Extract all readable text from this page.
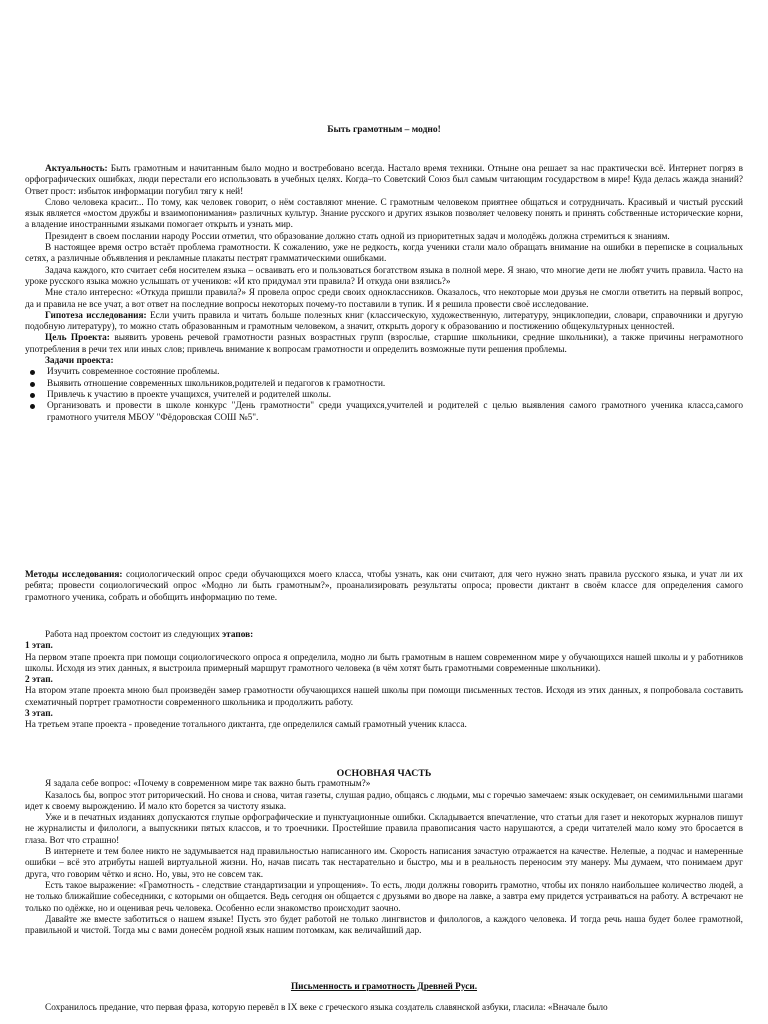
Быть грамотным – модно!

Актуальность: Быть грамотным и начитанным было модно и востребовано всегда. Настало время техники. Отныне она решает за нас практически всё. Интернет погряз в орфографических ошибках, люди перестали его использовать в учебных целях. Когда–то Советский Союз был самым читающим государством в мире! Куда делась жажда знаний? Ответ прост: избыток информации погубил тягу к ней!

Слово человека красит... По тому, как человек говорит, о нём составляют мнение. С грамотным человеком приятнее общаться и сотрудничать. Красивый и чистый русский язык является «мостом дружбы и взаимопонимания» различных культур. Знание русского и других языков позволяет человеку понять и принять собственные исторические корни, а владение иностранными языками помогает открыть и узнать мир.

Президент в своем послании народу России отметил, что образование должно стать одной из приоритетных задач и молодёжь должна стремиться к знаниям.

В настоящее время остро встаёт проблема грамотности. К сожалению, уже не редкость, когда ученики стали мало обращать внимание на ошибки в переписке в социальных сетях, а различные объявления и рекламные плакаты пестрят грамматическими ошибками.

Задача каждого, кто считает себя носителем языка – осваивать его и пользоваться богатством языка в полной мере. Я знаю, что многие дети не любят учить правила. Часто на уроке русского языка можно услышать от учеников: «И кто придумал эти правила? И откуда они взялись?»

Мне стало интересно: «Откуда пришли правила?» Я провела опрос среди своих одноклассников. Оказалось, что некоторые мои друзья не смогли ответить на первый вопрос, да и правила не все учат, а вот ответ на последние вопросы некоторых почему-то поставили в тупик. И я решила провести своё исследование.

Гипотеза исследования: Если учить правила и читать больше полезных книг (классическую, художественную, литературу, энциклопедии, словари, справочники и другую подобную литературу), то можно стать образованным и грамотным человеком, а значит, открыть дорогу к образованию и постижению общекультурных ценностей.

Цель Проекта: выявить уровень речевой грамотности разных возрастных групп (взрослые, старшие школьники, средние школьники), а также причины неграмотного употребления в речи тех или иных слов; привлечь внимание к вопросам грамотности и определить возможные пути решения проблемы.

Задачи проекта:

Изучить современное состояние проблемы.
Выявить отношение современных школьников,родителей и педагогов к грамотности.
Привлечь к участию в проекте учащихся, учителей и родителей школы.
Организовать и провести в школе конкурс "День грамотности" среди учащихся,учителей и родителей с целью выявления самого грамотного ученика класса,самого грамотного учителя МБОУ "Фёдоровская СОШ №5".

Методы исследования: социологический опрос среди обучающихся моего класса, чтобы узнать, как они считают, для чего нужно знать правила русского языка, и учат ли их ребята; провести социологический опрос «Модно ли быть грамотным?», проанализировать результаты опроса; провести диктант в своём классе для определения самого грамотного ученика, собрать и обобщить информацию по теме.

Работа над проектом состоит из следующих этапов:

1 этап.

На первом этапе проекта при помощи социологического опроса я определила, модно ли быть грамотным в нашем современном мире у обучающихся нашей школы и у работников школы. Исходя из этих данных, я выстроила примерный маршрут грамотного человека (в чём хотят быть грамотными современные школьники).

2 этап.

На втором этапе проекта мною был произведён замер грамотности обучающихся нашей школы при помощи письменных тестов. Исходя из этих данных, я попробовала составить схематичный портрет грамотности современного школьника и продолжить работу.

3 этап.

На третьем этапе проекта - проведение тотального диктанта, где определился самый грамотный ученик класса.

ОСНОВНАЯ ЧАСТЬ

Я задала себе вопрос: «Почему в современном мире так важно быть грамотным?»

Казалось бы, вопрос этот риторический. Но снова и снова, читая газеты, слушая радио, общаясь с людьми, мы с горечью замечаем: язык оскудевает, он семимильными шагами идет к своему вырождению. И мало кто борется за чистоту языка.

Уже и в печатных изданиях допускаются глупые орфографические и пунктуационные ошибки. Складывается впечатление, что статьи для газет и некоторых журналов пишут не журналисты и филологи, а выпускники пятых классов, и то троечники. Простейшие правила правописания часто нарушаются, а среди читателей мало кому это бросается в глаза. Вот что страшно!

В интернете и тем более никто не задумывается над правильностью написанного им. Скорость написания зачастую отражается на качестве. Нелепые, а подчас и намеренные ошибки – всё это атрибуты нашей виртуальной жизни. Но, начав писать так нестарательно и быстро, мы и в реальность переносим эту манеру. Мы думаем, что понимаем друг друга, что говорим чётко и ясно. Но, увы, это не совсем так.

Есть такое выражение: «Грамотность - следствие стандартизации и упрощения». То есть, люди должны говорить грамотно, чтобы их поняло наибольшее количество людей, а не только ближайшие собеседники, с которыми он общается. Ведь сегодня он общается с друзьями во дворе на лавке, а завтра ему придется устраиваться на работу. А встречают не только по одёжке, но и оценивая речь человека. Особенно если знакомство происходит заочно.

Давайте же вместе заботиться о нашем языке! Пусть это будет работой не только лингвистов и филологов, а каждого человека. И тогда речь наша будет более грамотной, правильной и чистой. Тогда мы с вами донесём родной язык нашим потомкам, как величайший дар.

Письменность и грамотность Древней Руси.

Сохранилось предание, что первая фраза, которую перевёл в IX веке с греческого языка создатель славянской азбуки, гласила: «Вначале было
